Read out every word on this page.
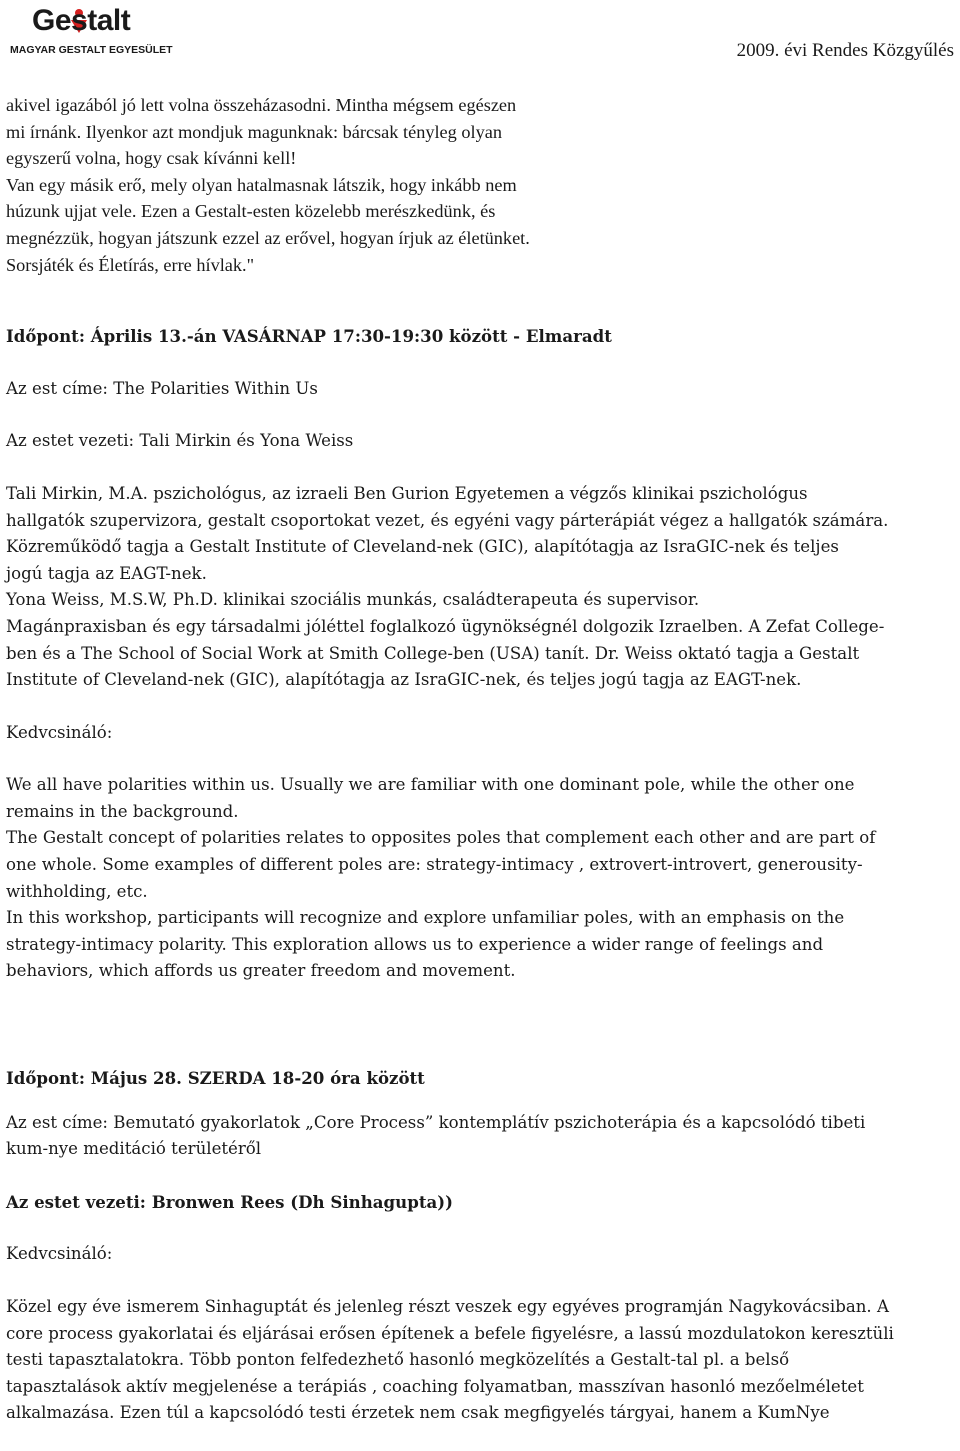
Gestalt
MAGYAR GESTALT EGYESÜLET	2009. évi Rendes Közgyűlés
akivel igazából jó lett volna összeházasodni. Mintha mégsem egészen
mi írnánk. Ilyenkor azt mondjuk magunknak: bárcsak tényleg olyan
egyszerű volna, hogy csak kívánni kell!
Van egy másik erő, mely olyan hatalmasnak látszik, hogy inkább nem
húzunk ujjat vele. Ezen a Gestalt-esten közelebb merészkedünk, és
megnézzük, hogyan játszunk ezzel az erővel, hogyan írjuk az életünket.
Sorsjáték és Életírás, erre hívlak."
Időpont: Április 13.-án VASÁRNAP 17:30-19:30 között - Elmaradt
Az est címe: The Polarities Within Us
Az estet vezeti: Tali Mirkin és Yona Weiss
Tali Mirkin, M.A. pszichológus, az izraeli Ben Gurion Egyetemen a végzős klinikai pszichológus
hallgatók szupervizora, gestalt csoportokat vezet, és egyéni vagy párterápiát végez a hallgatók számára.
Közreműködő tagja a Gestalt Institute of Cleveland-nek (GIC), alapítótagja az IsraGIC-nek és teljes
jogú tagja az EAGT-nek.
Yona Weiss, M.S.W, Ph.D. klinikai szociális munkás, családterapeuta és supervisor.
Magánpraxisban és egy társadalmi jóléttel foglalkozó ügynökségnél dolgozik Izraelben. A Zefat College-
ben és a The School of Social Work at Smith College-ben (USA) tanít. Dr. Weiss oktató tagja a Gestalt
Institute of Cleveland-nek (GIC), alapítótagja az IsraGIC-nek, és teljes jogú tagja az EAGT-nek.
Kedvcsináló:
We all have polarities within us. Usually we are familiar with one dominant pole, while the other one
remains in the background.
The Gestalt concept of polarities relates to opposites poles that complement each other and are part of
one whole. Some examples of different poles are: strategy-intimacy , extrovert-introvert, generousity-
withholding, etc.
In this workshop, participants will recognize and explore unfamiliar poles, with an emphasis on the
strategy-intimacy polarity. This exploration allows us to experience a wider range of feelings and
behaviors, which affords us greater freedom and movement.
Időpont: Május 28. SZERDA 18-20 óra között
Az est címe: Bemutató gyakorlatok „Core Process” kontemplátív pszichoterápia és a kapcsolódó tibeti
kum-nye meditáció területéről
Az estet vezeti: Bronwen Rees (Dh Sinhagupta))
Kedvcsináló:
Közel egy éve ismerem Sinhaguptát és jelenleg részt veszek egy egyéves programján Nagykovácsiban. A
core process gyakorlatai és eljárásai erősen építenek a befele figyelésre, a lassú mozdulatokon keresztüli
testi tapasztalatokra. Több ponton felfedezhető hasonló megközelítés a Gestalt-tal pl. a belső
tapasztalások aktív megjelenése a terápiás , coaching folyamatban, masszívan hasonló mezőelméletet
alkalmazása. Ezen túl a kapcsolódó testi érzetek nem csak megfigyelés tárgyai, hanem a KumNye
